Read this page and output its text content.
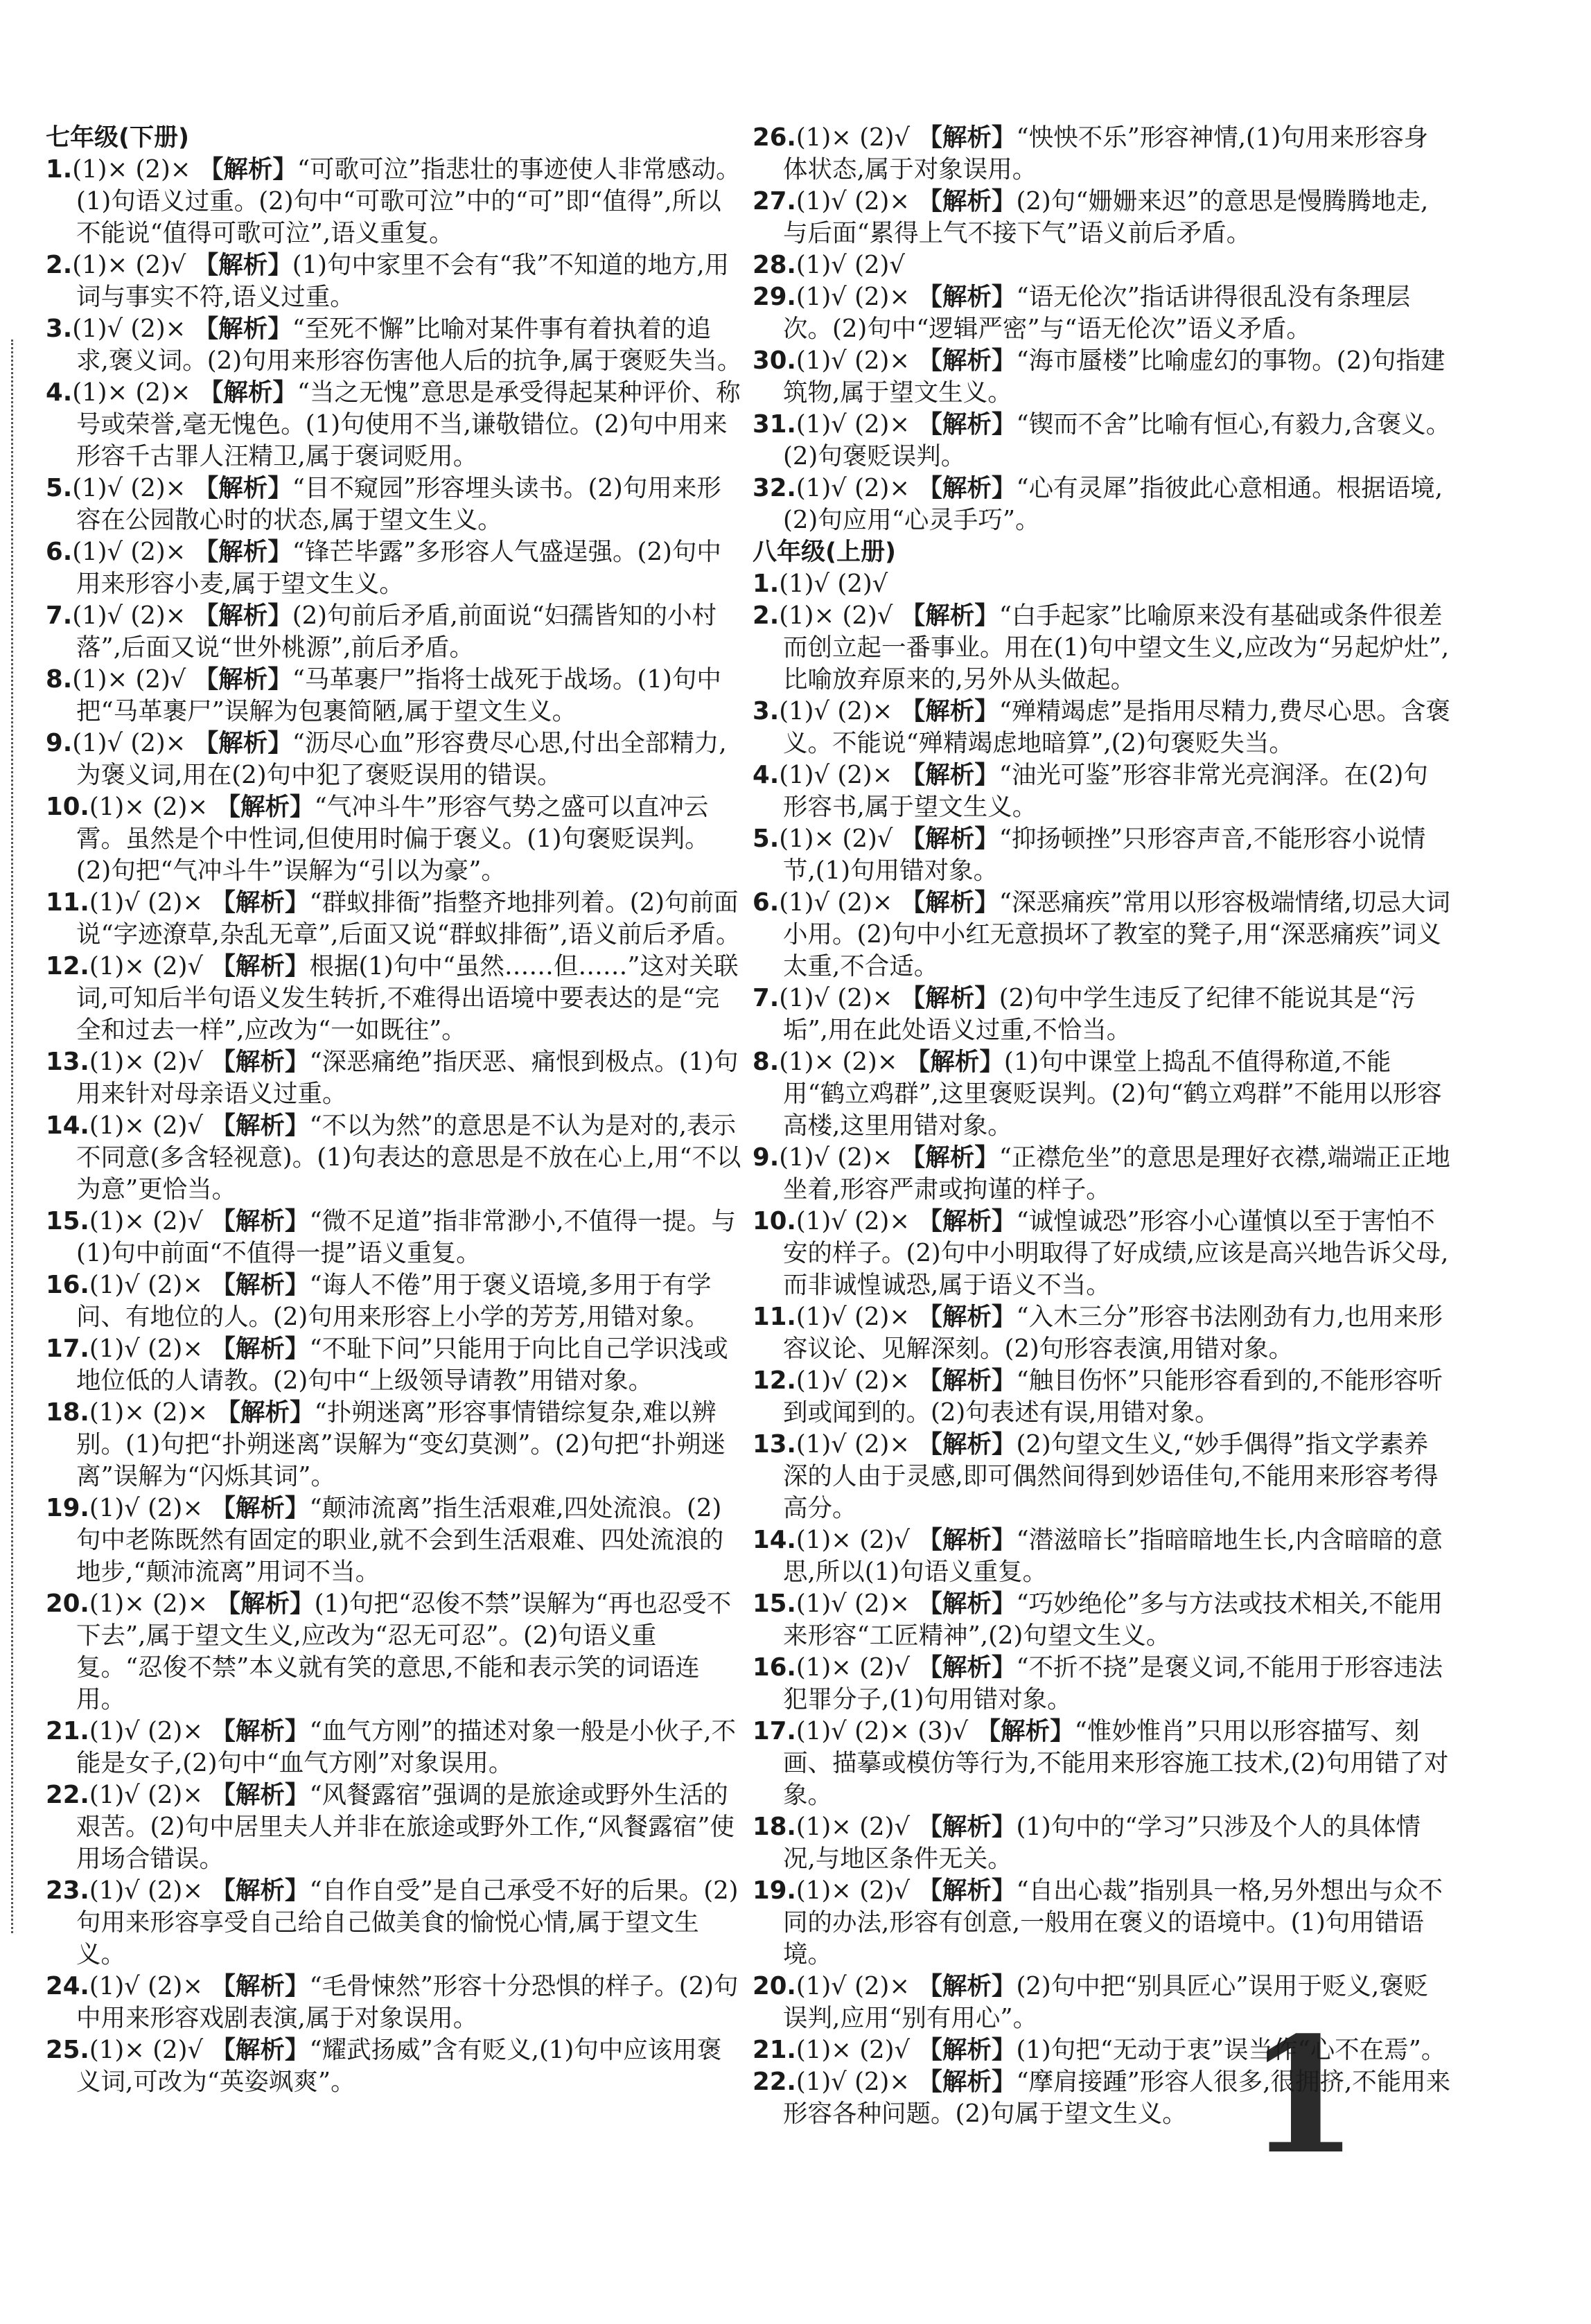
七年级(下册)

1.(1)× (2)× 【解析】“可歌可泣”指悲壮的事迹使人非常感动。(1)句语义过重。(2)句中“可歌可泣”中的“可”即“值得”,所以不能说“值得可歌可泣”,语义重复。

2.(1)× (2)√ 【解析】(1)句中家里不会有“我”不知道的地方,用词与事实不符,语义过重。

3.(1)√ (2)× 【解析】“至死不懈”比喻对某件事有着执着的追求,褒义词。(2)句用来形容伤害他人后的抗争,属于褒贬失当。

4.(1)× (2)× 【解析】“当之无愧”意思是承受得起某种评价、称号或荣誉,毫无愧色。(1)句使用不当,谦敬错位。(2)句中用来形容千古罪人汪精卫,属于褒词贬用。

5.(1)√ (2)× 【解析】“目不窥园”形容埋头读书。(2)句用来形容在公园散心时的状态,属于望文生义。

6.(1)√ (2)× 【解析】“锋芒毕露”多形容人气盛逞强。(2)句中用来形容小麦,属于望文生义。

7.(1)√ (2)× 【解析】(2)句前后矛盾,前面说“妇孺皆知的小村落”,后面又说“世外桃源”,前后矛盾。

8.(1)× (2)√ 【解析】“马革裹尸”指将士战死于战场。(1)句中把“马革裹尸”误解为包裹简陋,属于望文生义。

9.(1)√ (2)× 【解析】“沥尽心血”形容费尽心思,付出全部精力,为褒义词,用在(2)句中犯了褒贬误用的错误。

10.(1)× (2)× 【解析】“气冲斗牛”形容气势之盛可以直冲云霄。虽然是个中性词,但使用时偏于褒义。(1)句褒贬误判。(2)句把“气冲斗牛”误解为“引以为豪”。

11.(1)√ (2)× 【解析】“群蚁排衙”指整齐地排列着。(2)句前面说“字迹潦草,杂乱无章”,后面又说“群蚁排衙”,语义前后矛盾。

12.(1)× (2)√ 【解析】根据(1)句中“虽然……但……”这对关联词,可知后半句语义发生转折,不难得出语境中要表达的是“完全和过去一样”,应改为“一如既往”。

13.(1)× (2)√ 【解析】“深恶痛绝”指厌恶、痛恨到极点。(1)句用来针对母亲语义过重。

14.(1)× (2)√ 【解析】“不以为然”的意思是不认为是对的,表示不同意(多含轻视意)。(1)句表达的意思是不放在心上,用“不以为意”更恰当。

15.(1)× (2)√ 【解析】“微不足道”指非常渺小,不值得一提。与(1)句中前面“不值得一提”语义重复。

16.(1)√ (2)× 【解析】“诲人不倦”用于褒义语境,多用于有学问、有地位的人。(2)句用来形容上小学的芳芳,用错对象。

17.(1)√ (2)× 【解析】“不耻下问”只能用于向比自己学识浅或地位低的人请教。(2)句中“上级领导请教”用错对象。

18.(1)× (2)× 【解析】“扑朔迷离”形容事情错综复杂,难以辨别。(1)句把“扑朔迷离”误解为“变幻莫测”。(2)句把“扑朔迷离”误解为“闪烁其词”。

19.(1)√ (2)× 【解析】“颠沛流离”指生活艰难,四处流浪。(2)句中老陈既然有固定的职业,就不会到生活艰难、四处流浪的地步,“颠沛流离”用词不当。

20.(1)× (2)× 【解析】(1)句把“忍俊不禁”误解为“再也忍受不下去”,属于望文生义,应改为“忍无可忍”。(2)句语义重复。“忍俊不禁”本义就有笑的意思,不能和表示笑的词语连用。

21.(1)√ (2)× 【解析】“血气方刚”的描述对象一般是小伙子,不能是女子,(2)句中“血气方刚”对象误用。

22.(1)√ (2)× 【解析】“风餐露宿”强调的是旅途或野外生活的艰苦。(2)句中居里夫人并非在旅途或野外工作,“风餐露宿”使用场合错误。

23.(1)√ (2)× 【解析】“自作自受”是自己承受不好的后果。(2)句用来形容享受自己给自己做美食的愉悦心情,属于望文生义。

24.(1)√ (2)× 【解析】“毛骨悚然”形容十分恐惧的样子。(2)句中用来形容戏剧表演,属于对象误用。

25.(1)× (2)√ 【解析】“耀武扬威”含有贬义,(1)句中应该用褒义词,可改为“英姿飒爽”。

26.(1)× (2)√ 【解析】“怏怏不乐”形容神情,(1)句用来形容身体状态,属于对象误用。

27.(1)√ (2)× 【解析】(2)句“姗姗来迟”的意思是慢腾腾地走,与后面“累得上气不接下气”语义前后矛盾。

28.(1)√ (2)√

29.(1)√ (2)× 【解析】“语无伦次”指话讲得很乱没有条理层次。(2)句中“逻辑严密”与“语无伦次”语义矛盾。

30.(1)√ (2)× 【解析】“海市蜃楼”比喻虚幻的事物。(2)句指建筑物,属于望文生义。

31.(1)√ (2)× 【解析】“锲而不舍”比喻有恒心,有毅力,含褒义。(2)句褒贬误判。

32.(1)√ (2)× 【解析】“心有灵犀”指彼此心意相通。根据语境,(2)句应用“心灵手巧”。

八年级(上册)

1.(1)√ (2)√

2.(1)× (2)√ 【解析】“白手起家”比喻原来没有基础或条件很差而创立起一番事业。用在(1)句中望文生义,应改为“另起炉灶”,比喻放弃原来的,另外从头做起。

3.(1)√ (2)× 【解析】“殚精竭虑”是指用尽精力,费尽心思。含褒义。不能说“殚精竭虑地暗算”,(2)句褒贬失当。

4.(1)√ (2)× 【解析】“油光可鉴”形容非常光亮润泽。在(2)句形容书,属于望文生义。

5.(1)× (2)√ 【解析】“抑扬顿挫”只形容声音,不能形容小说情节,(1)句用错对象。

6.(1)√ (2)× 【解析】“深恶痛疾”常用以形容极端情绪,切忌大词小用。(2)句中小红无意损坏了教室的凳子,用“深恶痛疾”词义太重,不合适。

7.(1)√ (2)× 【解析】(2)句中学生违反了纪律不能说其是“污垢”,用在此处语义过重,不恰当。

8.(1)× (2)× 【解析】(1)句中课堂上捣乱不值得称道,不能用“鹤立鸡群”,这里褒贬误判。(2)句“鹤立鸡群”不能用以形容高楼,这里用错对象。

9.(1)√ (2)× 【解析】“正襟危坐”的意思是理好衣襟,端端正正地坐着,形容严肃或拘谨的样子。

10.(1)√ (2)× 【解析】“诚惶诚恐”形容小心谨慎以至于害怕不安的样子。(2)句中小明取得了好成绩,应该是高兴地告诉父母,而非诚惶诚恐,属于语义不当。

11.(1)√ (2)× 【解析】“入木三分”形容书法刚劲有力,也用来形容议论、见解深刻。(2)句形容表演,用错对象。

12.(1)√ (2)× 【解析】“触目伤怀”只能形容看到的,不能形容听到或闻到的。(2)句表述有误,用错对象。

13.(1)√ (2)× 【解析】(2)句望文生义,“妙手偶得”指文学素养深的人由于灵感,即可偶然间得到妙语佳句,不能用来形容考得高分。

14.(1)× (2)√ 【解析】“潜滋暗长”指暗暗地生长,内含暗暗的意思,所以(1)句语义重复。

15.(1)√ (2)× 【解析】“巧妙绝伦”多与方法或技术相关,不能用来形容“工匠精神”,(2)句望文生义。

16.(1)× (2)√ 【解析】“不折不挠”是褒义词,不能用于形容违法犯罪分子,(1)句用错对象。

17.(1)√ (2)× (3)√ 【解析】“惟妙惟肖”只用以形容描写、刻画、描摹或模仿等行为,不能用来形容施工技术,(2)句用错了对象。

18.(1)× (2)√ 【解析】(1)句中的“学习”只涉及个人的具体情况,与地区条件无关。

19.(1)× (2)√ 【解析】“自出心裁”指别具一格,另外想出与众不同的办法,形容有创意,一般用在褒义的语境中。(1)句用错语境。

20.(1)√ (2)× 【解析】(2)句中把“别具匠心”误用于贬义,褒贬误判,应用“别有用心”。

21.(1)× (2)√ 【解析】(1)句把“无动于衷”误当作“心不在焉”。

22.(1)√ (2)× 【解析】“摩肩接踵”形容人很多,很拥挤,不能用来形容各种问题。(2)句属于望文生义。 1
